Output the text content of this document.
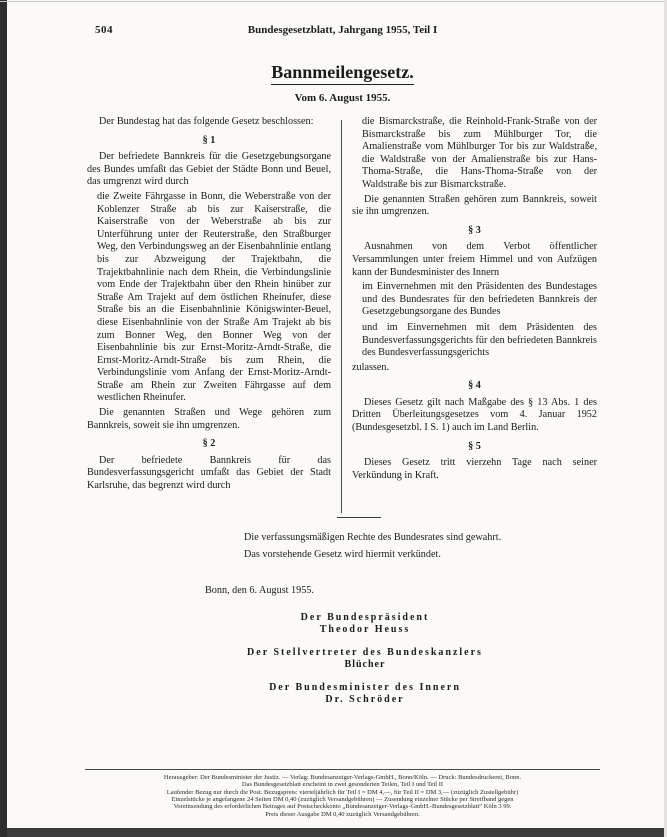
504	Bundesgesetzblatt, Jahrgang 1955, Teil I
Bannmeilengesetz.
Vom 6. August 1955.

Der Bundestag hat das folgende Gesetz beschlossen:

§ 1

Der befriedete Bannkreis für die Gesetzgebungsorgane des Bundes umfaßt das Gebiet der Städte Bonn und Beuel, das umgrenzt wird durch

die Zweite Fährgasse in Bonn, die Weberstraße von der Koblenzer Straße ab bis zur Kaiserstraße, die Kaiserstraße von der Weberstraße ab bis zur Unterführung unter der Reuterstraße, den Straßburger Weg, den Verbindungsweg an der Eisenbahnlinie entlang bis zur Abzweigung der Trajektbahn, die Trajektbahnlinie nach dem Rhein, die Verbindungslinie vom Ende der Trajektbahn über den Rhein hinüber zur Straße Am Trajekt auf dem östlichen Rheinufer, diese Straße bis an die Eisenbahnlinie Königswinter-Beuel, diese Eisenbahnlinie von der Straße Am Trajekt ab bis zum Bonner Weg, den Bonner Weg von der Eisenbahnlinie bis zur Ernst-Moritz-Arndt-Straße, die Ernst-Moritz-Arndt-Straße bis zum Rhein, die Verbindungslinie vom Anfang der Ernst-Moritz-Arndt-Straße am Rhein zur Zweiten Fährgasse auf dem westlichen Rheinufer.

Die genannten Straßen und Wege gehören zum Bannkreis, soweit sie ihn umgrenzen.

§ 2

Der befriedete Bannkreis für das Bundesverfassungsgericht umfaßt das Gebiet der Stadt Karlsruhe, das begrenzt wird durch

die Bismarckstraße, die Reinhold-Frank-Straße von der Bismarckstraße bis zum Mühlburger Tor, die Amalienstraße vom Mühlburger Tor bis zur Waldstraße, die Waldstraße von der Amalienstraße bis zur Hans-Thoma-Straße, die Hans-Thoma-Straße von der Waldstraße bis zur Bismarckstraße.

Die genannten Straßen gehören zum Bannkreis, soweit sie ihn umgrenzen.

§ 3

Ausnahmen von dem Verbot öffentlicher Versammlungen unter freiem Himmel und von Aufzügen kann der Bundesminister des Innern

im Einvernehmen mit den Präsidenten des Bundestages und des Bundesrates für den befriedeten Bannkreis der Gesetzgebungsorgane des Bundes
und im Einvernehmen mit dem Präsidenten des Bundesverfassungsgerichts für den befriedeten Bannkreis des Bundesverfassungsgerichts

zulassen.

§ 4

Dieses Gesetz gilt nach Maßgabe des § 13 Abs. 1 des Dritten Überleitungsgesetzes vom 4. Januar 1952 (Bundesgesetzbl. I S. 1) auch im Land Berlin.

§ 5

Dieses Gesetz tritt vierzehn Tage nach seiner Verkündung in Kraft.

Die verfassungsmäßigen Rechte des Bundesrates sind gewahrt.

Das vorstehende Gesetz wird hiermit verkündet.

Bonn, den 6. August 1955.
Der Bundespräsident
Theodor Heuss
Der Stellvertreter des Bundeskanzlers
Blücher
Der Bundesminister des Innern
Dr. Schröder
Herausgeber: Der Bundesminister der Justiz. — Verlag: Bundesanzeiger-Verlags-GmbH., Bonn/Köln. — Druck: Bundesdruckerei, Bonn.
Das Bundesgesetzblatt erscheint in zwei gesonderten Teilen, Teil I und Teil II
Laufender Bezug nur durch die Post. Bezugspreis: vierteljährlich für Teil I = DM 4,—, für Teil II = DM 3,— (zuzüglich Zustellgebühr)
Einzelstücke je angefangene 24 Seiten DM 0,40 (zuzüglich Versandgebühren) — Zusendung einzelner Stücke per Streifband gegen
Voreinsendung des erforderlichen Betrages auf Postscheckkonto „Bundesanzeiger-Verlags-GmbH.-Bundesgesetzblatt“ Köln 3 99.
Preis dieser Ausgabe DM 0,40 zuzüglich Versandgebühren.
